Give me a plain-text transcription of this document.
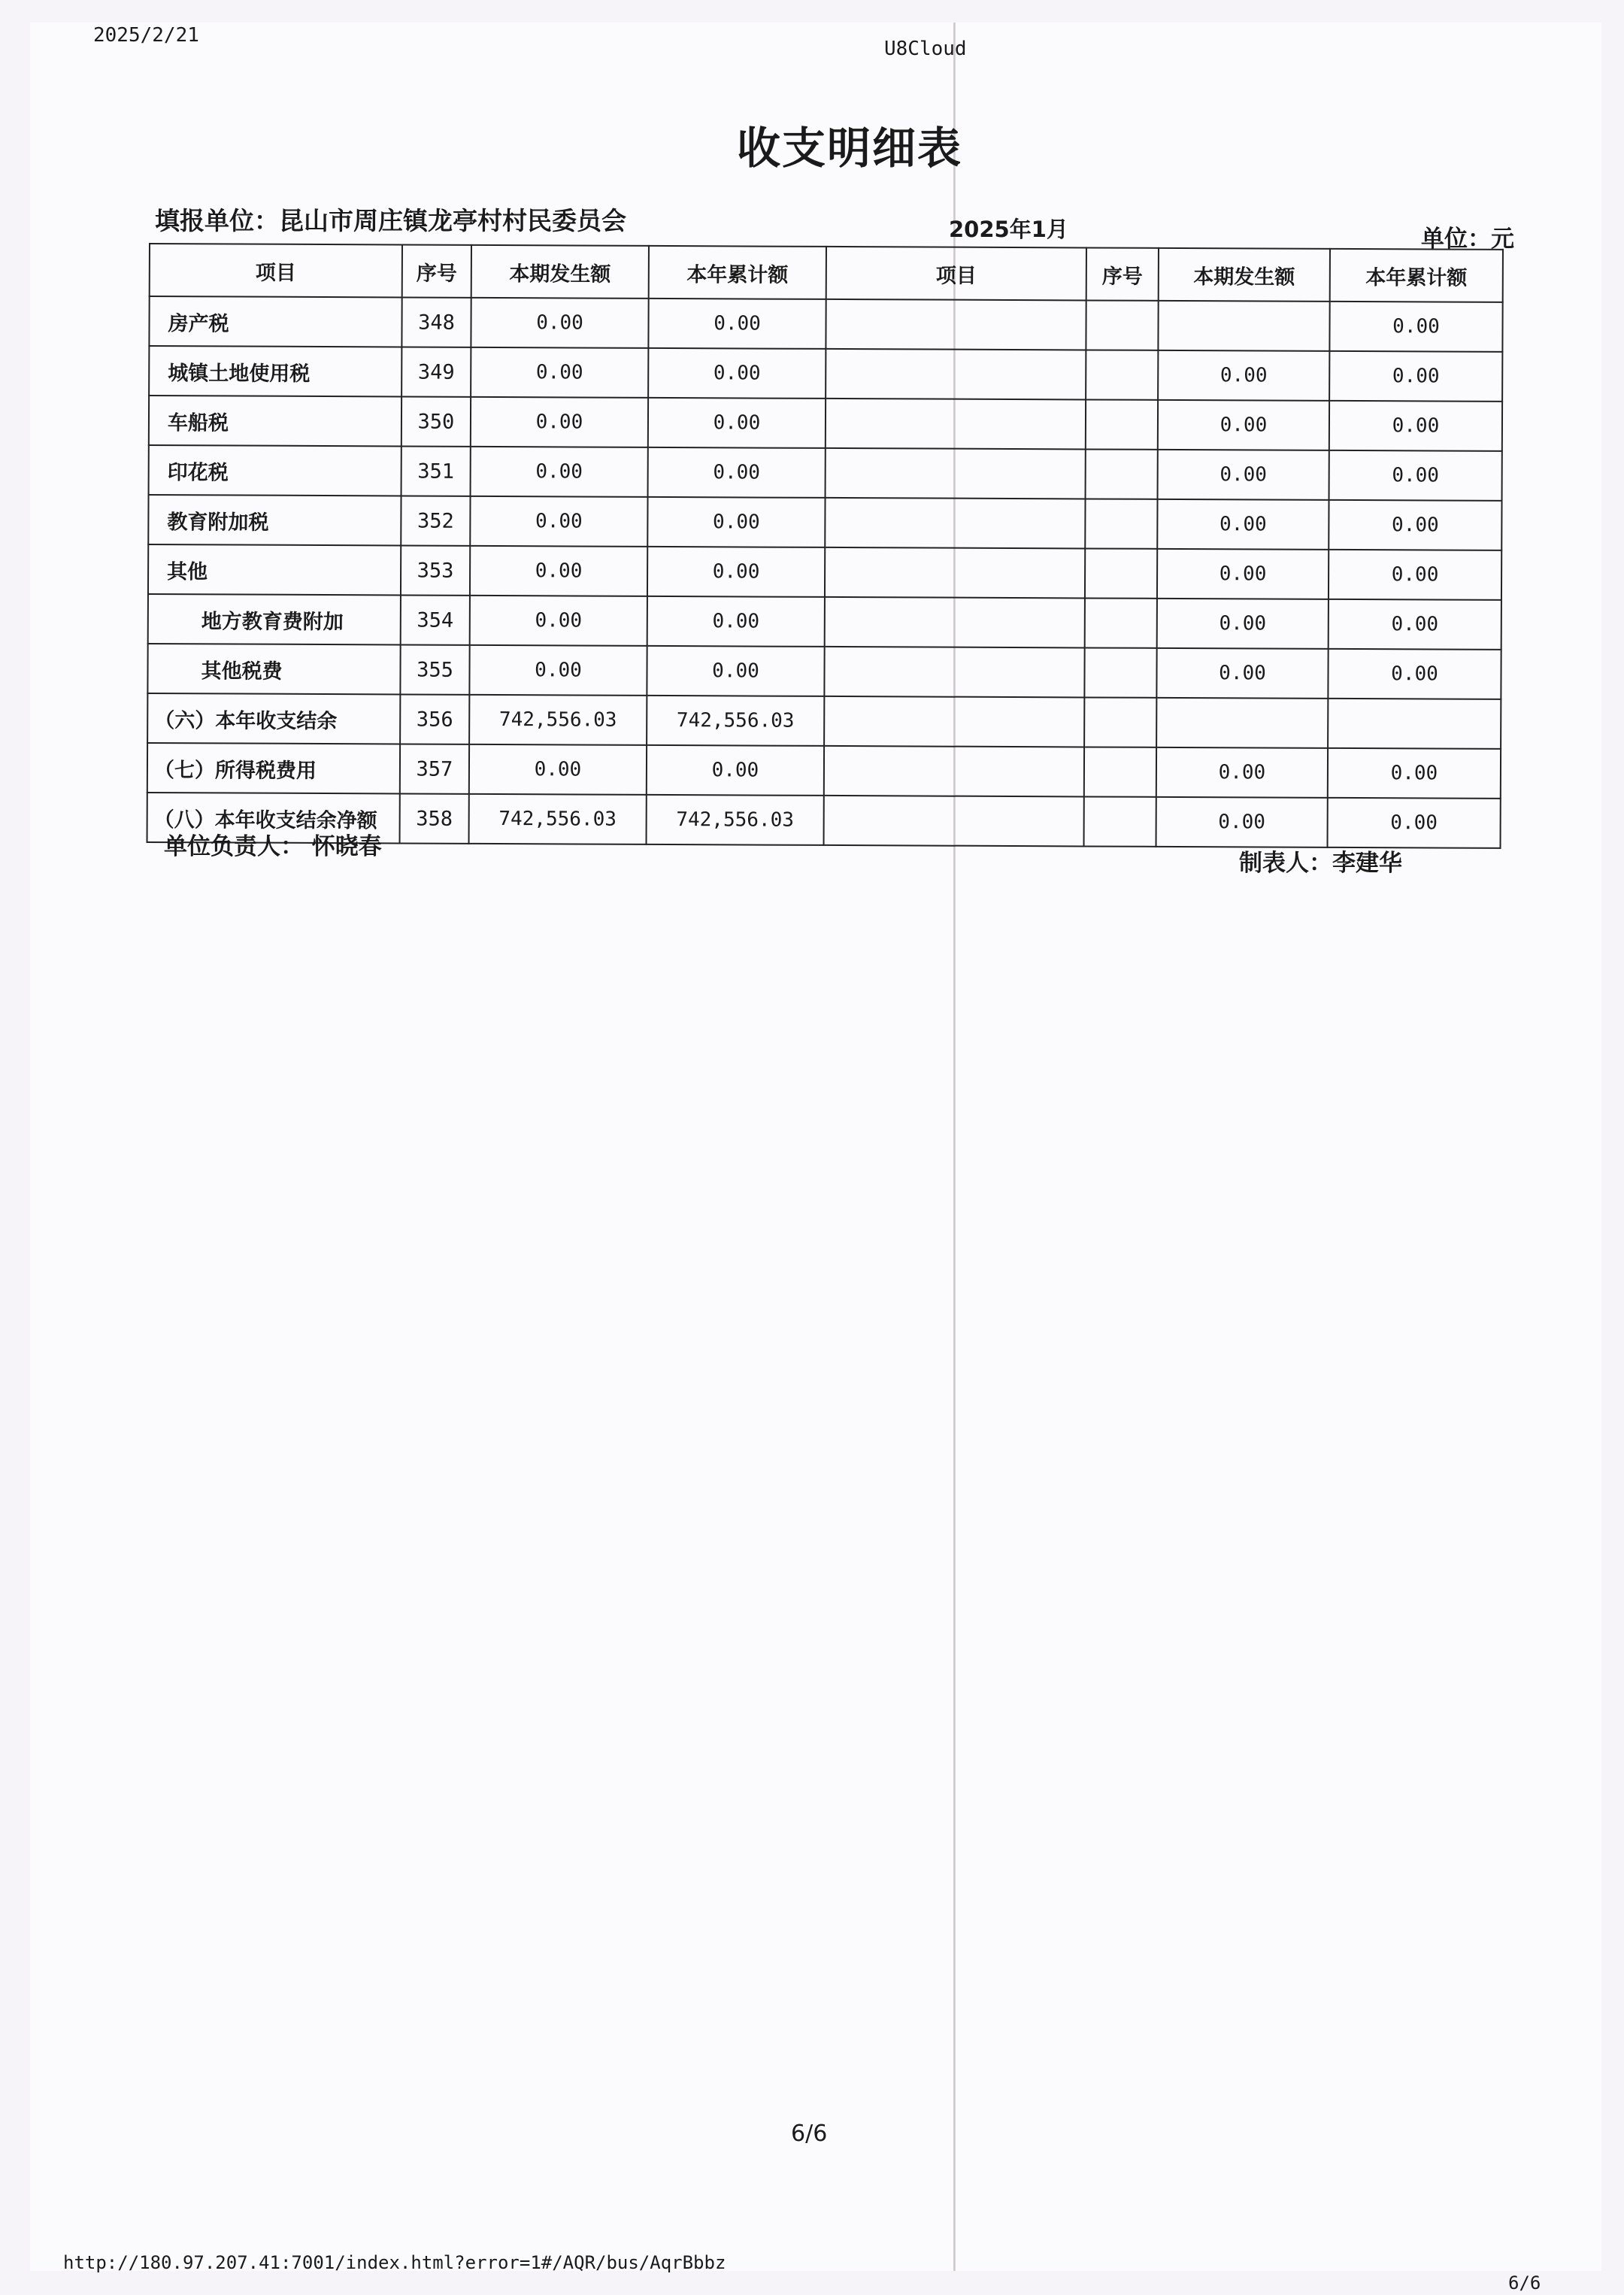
2025/2/21
U8Cloud
收支明细表
填报单位：昆山市周庄镇龙亭村村民委员会	2025年1月	单位：元
项目	序号	本期发生额	本年累计额	项目	序号	本期发生额	本年累计额
房产税	348	0.00	0.00				0.00
城镇土地使用税	349	0.00	0.00			0.00	0.00
车船税	350	0.00	0.00			0.00	0.00
印花税	351	0.00	0.00			0.00	0.00
教育附加税	352	0.00	0.00			0.00	0.00
其他	353	0.00	0.00			0.00	0.00
地方教育费附加	354	0.00	0.00			0.00	0.00
其他税费	355	0.00	0.00			0.00	0.00
（六）本年收支结余	356	742,556.03	742,556.03				
（七）所得税费用	357	0.00	0.00			0.00	0.00
（八）本年收支结余净额	358	742,556.03	742,556.03			0.00	0.00
单位负责人： 怀晓春
制表人：李建华
6/6
http://180.97.207.41:7001/index.html?error=1#/AQR/bus/AqrBbbz
6/6
